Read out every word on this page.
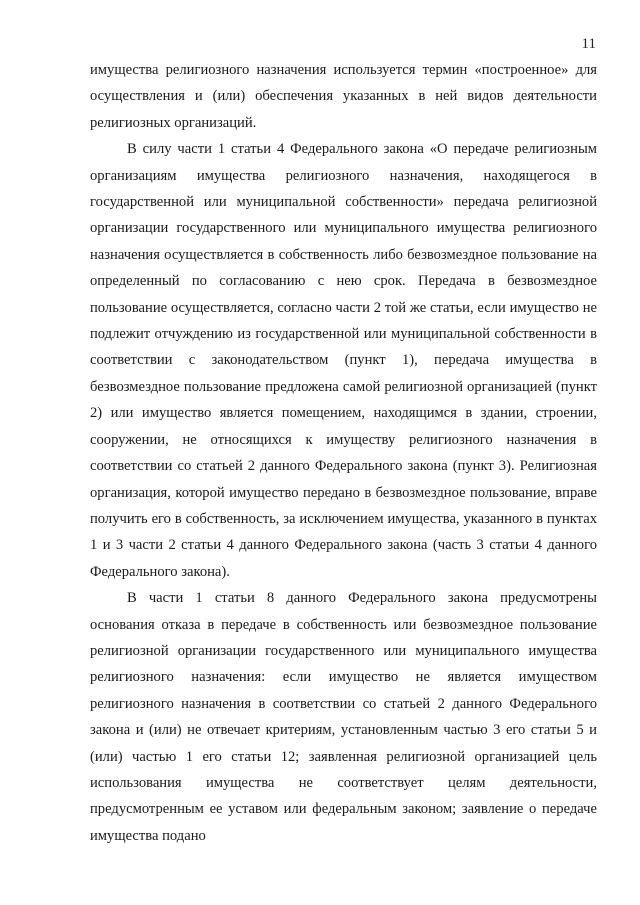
11

имущества религиозного назначения используется термин «построенное» для осуществления и (или) обеспечения указанных в ней видов деятельности религиозных организаций.

В силу части 1 статьи 4 Федерального закона «О передаче религиозным организациям имущества религиозного назначения, находящегося в государственной или муниципальной собственности» передача религиозной организации государственного или муниципального имущества религиозного назначения осуществляется в собственность либо безвозмездное пользование на определенный по согласованию с нею срок. Передача в безвозмездное пользование осуществляется, согласно части 2 той же статьи, если имущество не подлежит отчуждению из государственной или муниципальной собственности в соответствии с законодательством (пункт 1), передача имущества в безвозмездное пользование предложена самой религиозной организацией (пункт 2) или имущество является помещением, находящимся в здании, строении, сооружении, не относящихся к имуществу религиозного назначения в соответствии со статьей 2 данного Федерального закона (пункт 3). Религиозная организация, которой имущество передано в безвозмездное пользование, вправе получить его в собственность, за исключением имущества, указанного в пунктах 1 и 3 части 2 статьи 4 данного Федерального закона (часть 3 статьи 4 данного Федерального закона).

В части 1 статьи 8 данного Федерального закона предусмотрены основания отказа в передаче в собственность или безвозмездное пользование религиозной организации государственного или муниципального имущества религиозного назначения: если имущество не является имуществом религиозного назначения в соответствии со статьей 2 данного Федерального закона и (или) не отвечает критериям, установленным частью 3 его статьи 5 и (или) частью 1 его статьи 12; заявленная религиозной организацией цель использования имущества не соответствует целям деятельности, предусмотренным ее уставом или федеральным законом; заявление о передаче имущества подано
